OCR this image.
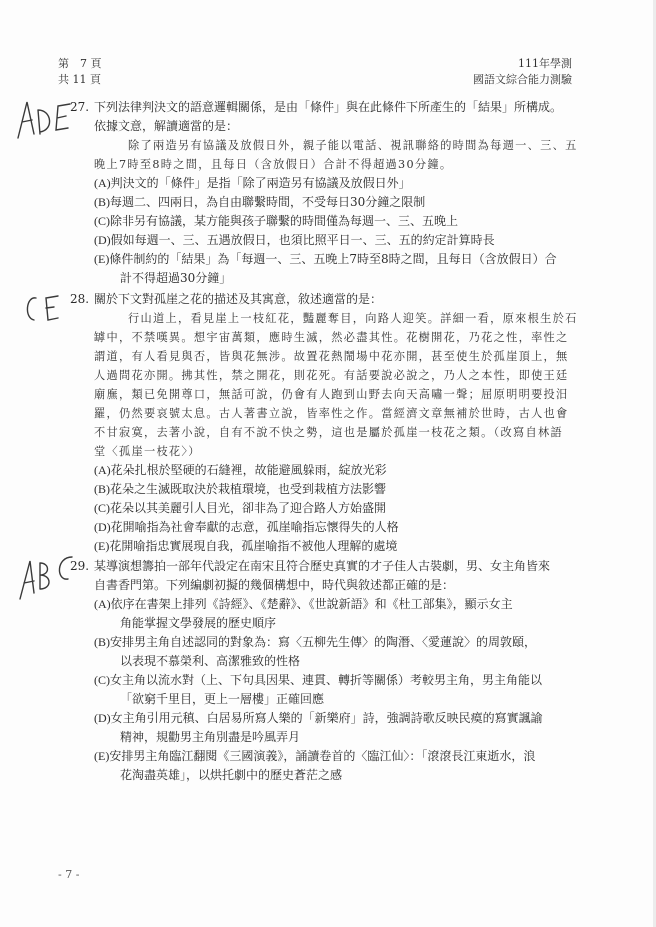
第　7 頁
共 11 頁
111年學測
國語文綜合能力測驗
27. 下列法律判決文的語意邏輯關係，是由「條件」與在此條件下所產生的「結果」所構成。
依據文意，解讀適當的是：
除了兩造另有協議及放假日外，親子能以電話、視訊聯絡的時間為每週一、三、五
晚上7時至8時之間，且每日（含放假日）合計不得超過30分鐘。
(A)判決文的「條件」是指「除了兩造另有協議及放假日外」
(B)每週二、四兩日，為自由聯繫時間，不受每日30分鐘之限制
(C)除非另有協議，某方能與孩子聯繫的時間僅為每週一、三、五晚上
(D)假如每週一、三、五遇放假日，也須比照平日一、三、五的約定計算時長
(E)條件制約的「結果」為「每週一、三、五晚上7時至8時之間，且每日（含放假日）合
計不得超過30分鐘」
28. 關於下文對孤崖之花的描述及其寓意，敘述適當的是：
行山道上，看見崖上一枝紅花，豔麗奪目，向路人迎笑。詳細一看，原來根生於石
罅中，不禁嘆異。想宇宙萬類，應時生滅，然必盡其性。花樹開花，乃花之性，率性之
謂道，有人看見與否，皆與花無涉。故置花熱鬧場中花亦開，甚至使生於孤崖頂上，無
人過問花亦開。拂其性，禁之開花，則花死。有話要說必說之，乃人之本性，即使王廷
廟廡，類已免開尊口，無話可說，仍會有人跑到山野去向天高嘯一聲；屈原明明要投汨
羅，仍然要哀號太息。古人著書立說，皆率性之作。當經濟文章無補於世時，古人也會
不甘寂寞，去著小說，自有不說不快之勢，這也是屬於孤崖一枝花之類。（改寫自林語
堂〈孤崖一枝花〉）
(A)花朵扎根於堅硬的石縫裡，故能避風躲雨，綻放光彩
(B)花朵之生滅既取決於栽植環境，也受到栽植方法影響
(C)花朵以其美麗引人目光，卻非為了迎合路人方始盛開
(D)花開喻指為社會奉獻的志意，孤崖喻指忘懷得失的人格
(E)花開喻指忠實展現自我，孤崖喻指不被他人理解的處境
29. 某導演想籌拍一部年代設定在南宋且符合歷史真實的才子佳人古裝劇，男、女主角皆來
自書香門第。下列編劇初擬的幾個構想中，時代與敘述都正確的是：
(A)依序在書架上排列《詩經》、《楚辭》、《世說新語》和《杜工部集》，顯示女主
角能掌握文學發展的歷史順序
(B)安排男主角自述認同的對象為：寫〈五柳先生傳〉的陶潛、〈愛蓮說〉的周敦頤，
以表現不慕榮利、高潔雅致的性格
(C)女主角以流水對（上、下句具因果、連貫、轉折等關係）考較男主角，男主角能以
「欲窮千里目，更上一層樓」正確回應
(D)女主角引用元稹、白居易所寫人樂的「新樂府」詩，強調詩歌反映民瘼的寫實諷諭
精神，規勸男主角別盡是吟風弄月
(E)安排男主角臨江翻閱《三國演義》，誦讀卷首的〈臨江仙〉：「滾滾長江東逝水，浪
花淘盡英雄」，以烘托劇中的歷史蒼茫之感
- 7 -
